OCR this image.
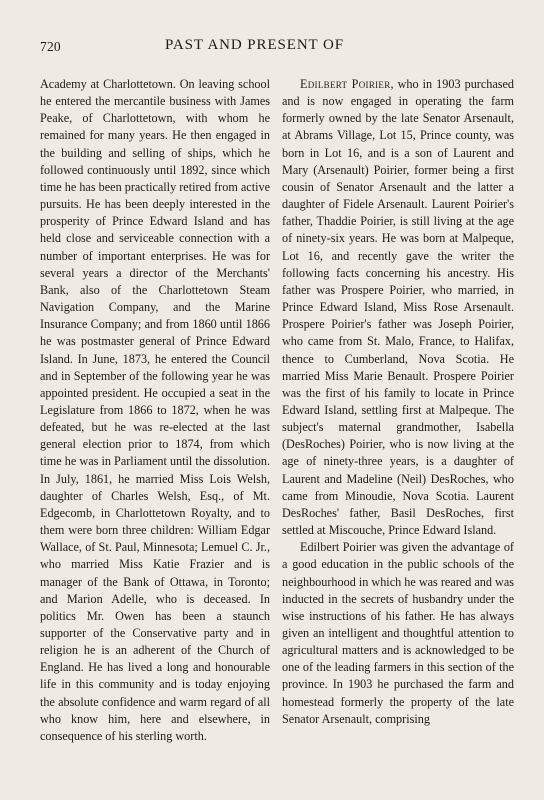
720	PAST AND PRESENT OF

Academy at Charlottetown. On leaving school he entered the mercantile business with James Peake, of Charlottetown, with whom he remained for many years. He then engaged in the building and selling of ships, which he followed continuously until 1892, since which time he has been practically retired from active pursuits. He has been deeply interested in the prosperity of Prince Edward Island and has held close and serviceable connection with a number of important enterprises. He was for several years a director of the Merchants' Bank, also of the Charlottetown Steam Navigation Company, and the Marine Insurance Company; and from 1860 until 1866 he was postmaster general of Prince Edward Island. In June, 1873, he entered the Council and in September of the following year he was appointed president. He occupied a seat in the Legislature from 1866 to 1872, when he was defeated, but he was re-elected at the last general election prior to 1874, from which time he was in Parliament until the dissolution. In July, 1861, he married Miss Lois Welsh, daughter of Charles Welsh, Esq., of Mt. Edgecomb, in Charlottetown Royalty, and to them were born three children: William Edgar Wallace, of St. Paul, Minnesota; Lemuel C. Jr., who married Miss Katie Frazier and is manager of the Bank of Ottawa, in Toronto; and Marion Adelle, who is deceased. In politics Mr. Owen has been a staunch supporter of the Conservative party and in religion he is an adherent of the Church of England. He has lived a long and honourable life in this community and is today enjoying the absolute confidence and warm regard of all who know him, here and elsewhere, in consequence of his sterling worth.

Edilbert Poirier, who in 1903 purchased and is now engaged in operating the farm formerly owned by the late Senator Arsenault, at Abrams Village, Lot 15, Prince county, was born in Lot 16, and is a son of Laurent and Mary (Arsenault) Poirier, former being a first cousin of Senator Arsenault and the latter a daughter of Fidele Arsenault. Laurent Poirier's father, Thaddie Poirier, is still living at the age of ninety-six years. He was born at Malpeque, Lot 16, and recently gave the writer the following facts concerning his ancestry. His father was Prospere Poirier, who married, in Prince Edward Island, Miss Rose Arsenault. Prospere Poirier's father was Joseph Poirier, who came from St. Malo, France, to Halifax, thence to Cumberland, Nova Scotia. He married Miss Marie Benault. Prospere Poirier was the first of his family to locate in Prince Edward Island, settling first at Malpeque. The subject's maternal grandmother, Isabella (DesRoches) Poirier, who is now living at the age of ninety-three years, is a daughter of Laurent and Madeline (Neil) DesRoches, who came from Minoudie, Nova Scotia. Laurent DesRoches' father, Basil DesRoches, first settled at Miscouche, Prince Edward Island.

Edilbert Poirier was given the advantage of a good education in the public schools of the neighbourhood in which he was reared and was inducted in the secrets of husbandry under the wise instructions of his father. He has always given an intelligent and thoughtful attention to agricultural matters and is acknowledged to be one of the leading farmers in this section of the province. In 1903 he purchased the farm and homestead formerly the property of the late Senator Arsenault, comprising
